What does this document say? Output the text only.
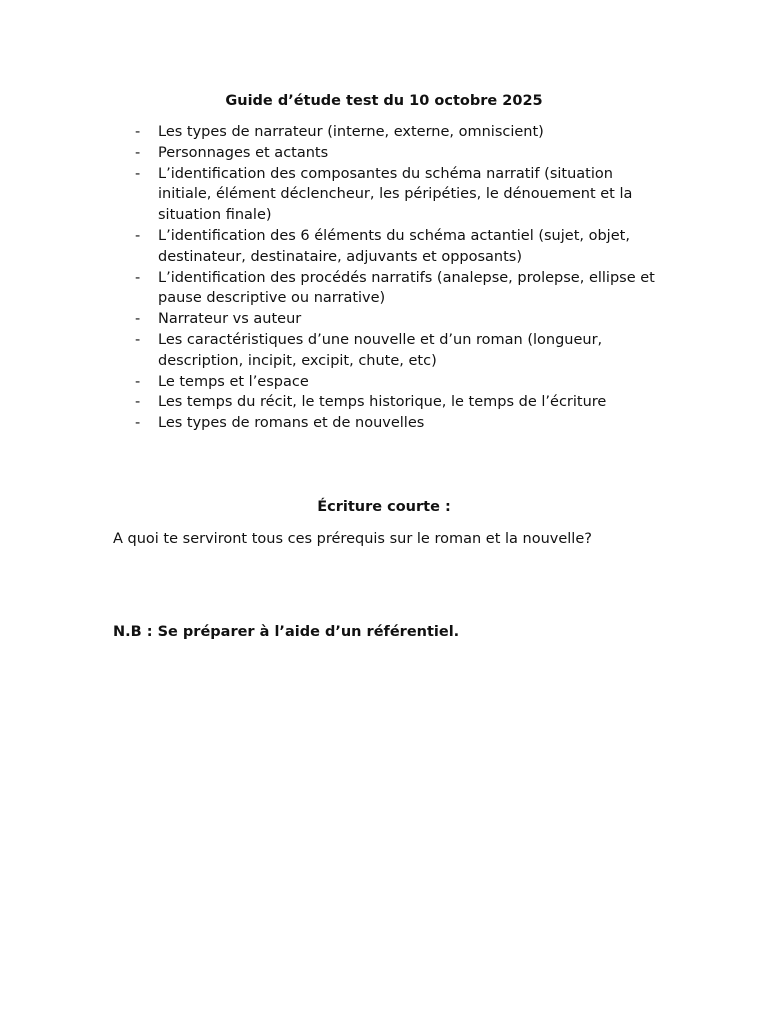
Guide d’étude test du 10 octobre 2025
- Les types de narrateur (interne, externe, omniscient)
- Personnages et actants
- L’identification des composantes du schéma narratif (situation initiale, élément déclencheur, les péripéties, le dénouement et la situation finale)
- L’identification des 6 éléments du schéma actantiel (sujet, objet, destinateur, destinataire, adjuvants et opposants)
- L’identification des procédés narratifs (analepse, prolepse, ellipse et pause descriptive ou narrative)
- Narrateur vs auteur
- Les caractéristiques d’une nouvelle et d’un roman (longueur, description, incipit, excipit, chute, etc)
- Le temps et l’espace
- Les temps du récit, le temps historique, le temps de l’écriture
- Les types de romans et de nouvelles
Écriture courte :
A quoi te serviront tous ces prérequis sur le roman et la nouvelle?
N.B : Se préparer à l’aide d’un référentiel.
